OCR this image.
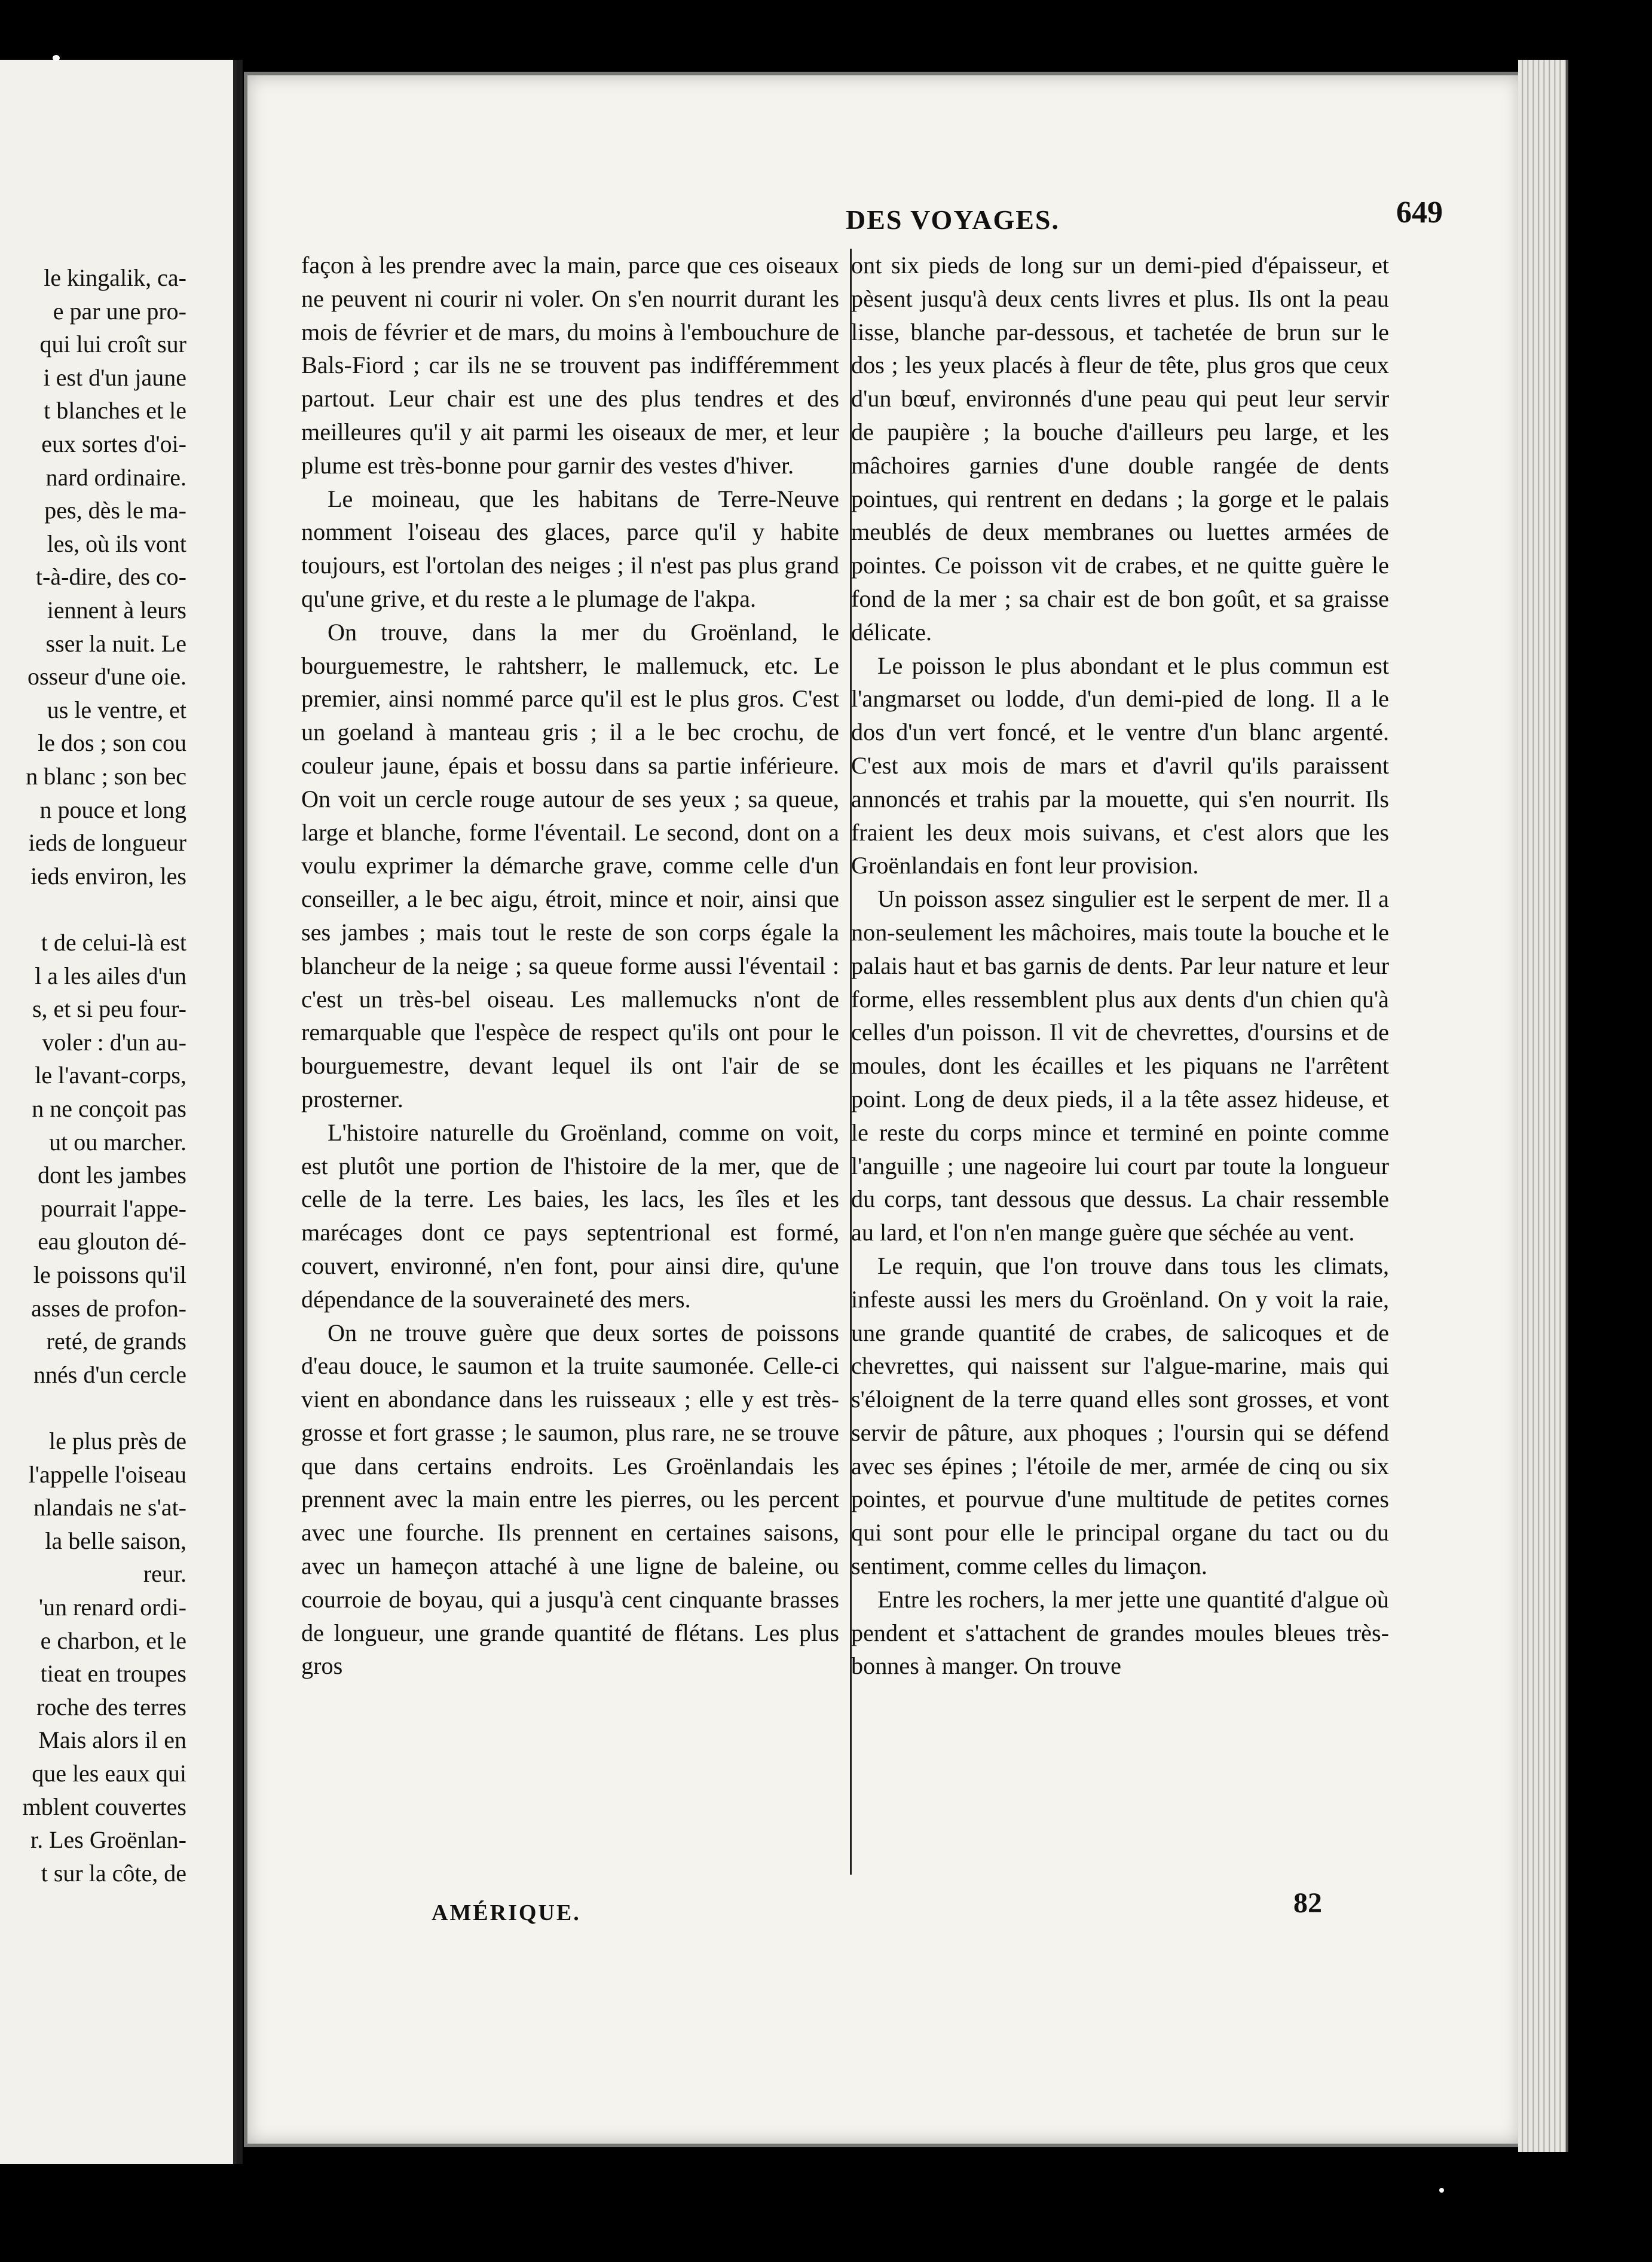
le kingalik, ca-
e par une pro-
qui lui croît sur
i est d'un jaune
t blanches et le
eux sortes d'oi-
nard ordinaire.
pes, dès le ma-
les, où ils vont
t-à-dire, des co-
iennent à leurs
sser la nuit. Le
osseur d'une oie.
us le ventre, et
le dos ; son cou
n blanc ; son bec
n pouce et long
ieds de longueur
ieds environ, les
t de celui-là est
l a les ailes d'un
s, et si peu four-
voler : d'un au-
le l'avant-corps,
n ne conçoit pas
ut ou marcher.
dont les jambes
pourrait l'appe-
eau glouton dé-
le poissons qu'il
asses de profon-
reté, de grands
nnés d'un cercle
le plus près de
l'appelle l'oiseau
nlandais ne s'at-
la belle saison,
reur.
'un renard ordi-
e charbon, et le
tieat en troupes
roche des terres
Mais alors il en
que les eaux qui
mblent couvertes
r. Les Groënlan-
t sur la côte, de
DES VOYAGES.	649

façon à les prendre avec la main, parce que ces oiseaux ne peuvent ni courir ni voler. On s'en nourrit durant les mois de février et de mars, du moins à l'embouchure de Bals-Fiord ; car ils ne se trouvent pas indifféremment partout. Leur chair est une des plus tendres et des meilleures qu'il y ait parmi les oiseaux de mer, et leur plume est très-bonne pour garnir des vestes d'hiver.

Le moineau, que les habitans de Terre-Neuve nomment l'oiseau des glaces, parce qu'il y habite toujours, est l'ortolan des neiges ; il n'est pas plus grand qu'une grive, et du reste a le plumage de l'akpa.

On trouve, dans la mer du Groënland, le bourguemestre, le rahtsherr, le mallemuck, etc. Le premier, ainsi nommé parce qu'il est le plus gros. C'est un goeland à manteau gris ; il a le bec crochu, de couleur jaune, épais et bossu dans sa partie inférieure. On voit un cercle rouge autour de ses yeux ; sa queue, large et blanche, forme l'éventail. Le second, dont on a voulu exprimer la démarche grave, comme celle d'un conseiller, a le bec aigu, étroit, mince et noir, ainsi que ses jambes ; mais tout le reste de son corps égale la blancheur de la neige ; sa queue forme aussi l'éventail : c'est un très-bel oiseau. Les mallemucks n'ont de remarquable que l'espèce de respect qu'ils ont pour le bourguemestre, devant lequel ils ont l'air de se prosterner.

L'histoire naturelle du Groënland, comme on voit, est plutôt une portion de l'histoire de la mer, que de celle de la terre. Les baies, les lacs, les îles et les marécages dont ce pays septentrional est formé, couvert, environné, n'en font, pour ainsi dire, qu'une dépendance de la souveraineté des mers.

On ne trouve guère que deux sortes de poissons d'eau douce, le saumon et la truite saumonée. Celle-ci vient en abondance dans les ruisseaux ; elle y est très-grosse et fort grasse ; le saumon, plus rare, ne se trouve que dans certains endroits. Les Groënlandais les prennent avec la main entre les pierres, ou les percent avec une fourche. Ils prennent en certaines saisons, avec un hameçon attaché à une ligne de baleine, ou courroie de boyau, qui a jusqu'à cent cinquante brasses de longueur, une grande quantité de flétans. Les plus gros

ont six pieds de long sur un demi-pied d'épaisseur, et pèsent jusqu'à deux cents livres et plus. Ils ont la peau lisse, blanche par-dessous, et tachetée de brun sur le dos ; les yeux placés à fleur de tête, plus gros que ceux d'un bœuf, environnés d'une peau qui peut leur servir de paupière ; la bouche d'ailleurs peu large, et les mâchoires garnies d'une double rangée de dents pointues, qui rentrent en dedans ; la gorge et le palais meublés de deux membranes ou luettes armées de pointes. Ce poisson vit de crabes, et ne quitte guère le fond de la mer ; sa chair est de bon goût, et sa graisse délicate.

Le poisson le plus abondant et le plus commun est l'angmarset ou lodde, d'un demi-pied de long. Il a le dos d'un vert foncé, et le ventre d'un blanc argenté. C'est aux mois de mars et d'avril qu'ils paraissent annoncés et trahis par la mouette, qui s'en nourrit. Ils fraient les deux mois suivans, et c'est alors que les Groënlandais en font leur provision.

Un poisson assez singulier est le serpent de mer. Il a non-seulement les mâchoires, mais toute la bouche et le palais haut et bas garnis de dents. Par leur nature et leur forme, elles ressemblent plus aux dents d'un chien qu'à celles d'un poisson. Il vit de chevrettes, d'oursins et de moules, dont les écailles et les piquans ne l'arrêtent point. Long de deux pieds, il a la tête assez hideuse, et le reste du corps mince et terminé en pointe comme l'anguille ; une nageoire lui court par toute la longueur du corps, tant dessous que dessus. La chair ressemble au lard, et l'on n'en mange guère que séchée au vent.

Le requin, que l'on trouve dans tous les climats, infeste aussi les mers du Groënland. On y voit la raie, une grande quantité de crabes, de salicoques et de chevrettes, qui naissent sur l'algue-marine, mais qui s'éloignent de la terre quand elles sont grosses, et vont servir de pâture, aux phoques ; l'oursin qui se défend avec ses épines ; l'étoile de mer, armée de cinq ou six pointes, et pourvue d'une multitude de petites cornes qui sont pour elle le principal organe du tact ou du sentiment, comme celles du limaçon.

Entre les rochers, la mer jette une quantité d'algue où pendent et s'attachent de grandes moules bleues très-bonnes à manger. On trouve

AMÉRIQUE.	82
